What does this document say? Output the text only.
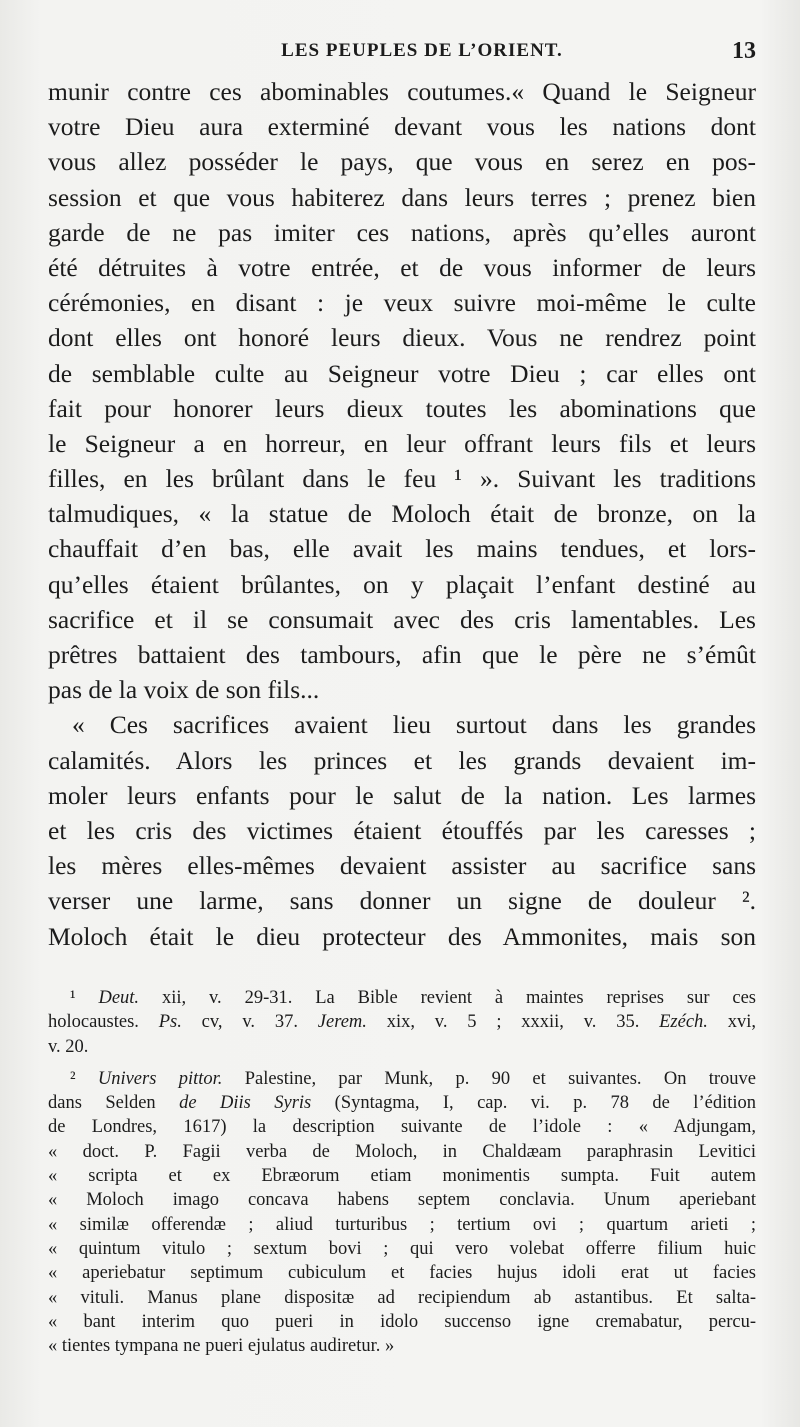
LES PEUPLES DE L’ORIENT.	13
munir contre ces abominables coutumes.« Quand le Seigneur
votre Dieu aura exterminé devant vous les nations dont
vous allez posséder le pays, que vous en serez en pos-
session et que vous habiterez dans leurs terres ; prenez bien
garde de ne pas imiter ces nations, après qu’elles auront
été détruites à votre entrée, et de vous informer de leurs
cérémonies, en disant : je veux suivre moi-même le culte
dont elles ont honoré leurs dieux. Vous ne rendrez point
de semblable culte au Seigneur votre Dieu ; car elles ont
fait pour honorer leurs dieux toutes les abominations que
le Seigneur a en horreur, en leur offrant leurs fils et leurs
filles, en les brûlant dans le feu ¹ ». Suivant les traditions
talmudiques, « la statue de Moloch était de bronze, on la
chauffait d’en bas, elle avait les mains tendues, et lors-
qu’elles étaient brûlantes, on y plaçait l’enfant destiné au
sacrifice et il se consumait avec des cris lamentables. Les
prêtres battaient des tambours, afin que le père ne s’émût
pas de la voix de son fils...
« Ces sacrifices avaient lieu surtout dans les grandes
calamités. Alors les princes et les grands devaient im-
moler leurs enfants pour le salut de la nation. Les larmes
et les cris des victimes étaient étouffés par les caresses ;
les mères elles-mêmes devaient assister au sacrifice sans
verser une larme, sans donner un signe de douleur ².
Moloch était le dieu protecteur des Ammonites, mais son
¹ Deut. xii, v. 29-31. La Bible revient à maintes reprises sur ces
holocaustes. Ps. cv, v. 37. Jerem. xix, v. 5 ; xxxii, v. 35. Ezéch. xvi,
v. 20.
² Univers pittor. Palestine, par Munk, p. 90 et suivantes. On trouve
dans Selden de Diis Syris (Syntagma, I, cap. vi. p. 78 de l’édition
de Londres, 1617) la description suivante de l’idole : « Adjungam,
« doct. P. Fagii verba de Moloch, in Chaldæam paraphrasin Levitici
« scripta et ex Ebræorum etiam monimentis sumpta. Fuit autem
« Moloch imago concava habens septem conclavia. Unum aperiebant
« similæ offerendæ ; aliud turturibus ; tertium ovi ; quartum arieti ;
« quintum vitulo ; sextum bovi ; qui vero volebat offerre filium huic
« aperiebatur septimum cubiculum et facies hujus idoli erat ut facies
« vituli. Manus plane dispositæ ad recipiendum ab astantibus. Et salta-
« bant interim quo pueri in idolo succenso igne cremabatur, percu-
« tientes tympana ne pueri ejulatus audiretur. »
